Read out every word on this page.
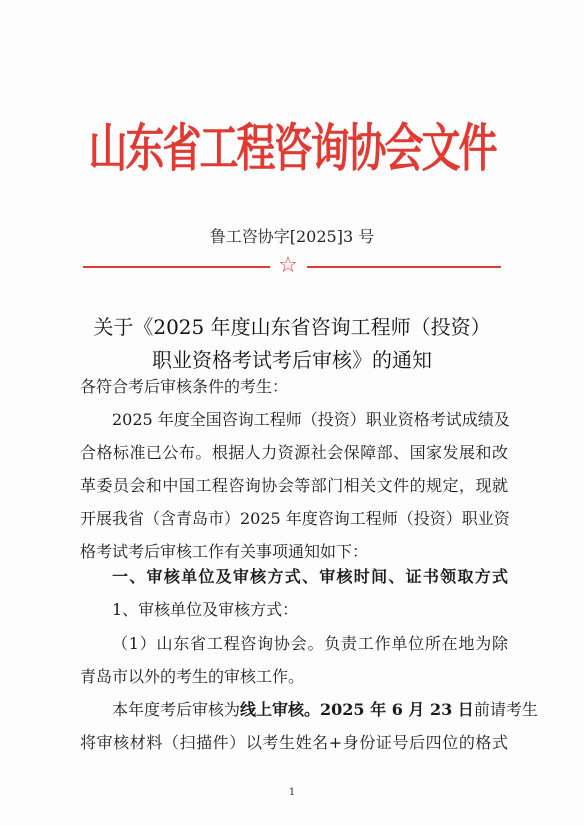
山东省工程咨询协会文件
鲁工咨协字[2025]3 号
☆
关于《2025 年度山东省咨询工程师（投资）
职业资格考试考后审核》的通知
各符合考后审核条件的考生：
2025 年度全国咨询工程师（投资）职业资格考试成绩及
合格标准已公布。根据人力资源社会保障部、国家发展和改
革委员会和中国工程咨询协会等部门相关文件的规定，现就
开展我省（含青岛市）2025 年度咨询工程师（投资）职业资
格考试考后审核工作有关事项通知如下：
一、审核单位及审核方式、审核时间、证书领取方式
1、审核单位及审核方式：
（1）山东省工程咨询协会。负责工作单位所在地为除
青岛市以外的考生的审核工作。
本年度考后审核为线上审核。2025 年 6 月 23 日前请考生
将审核材料（扫描件）以考生姓名+身份证号后四位的格式
1
